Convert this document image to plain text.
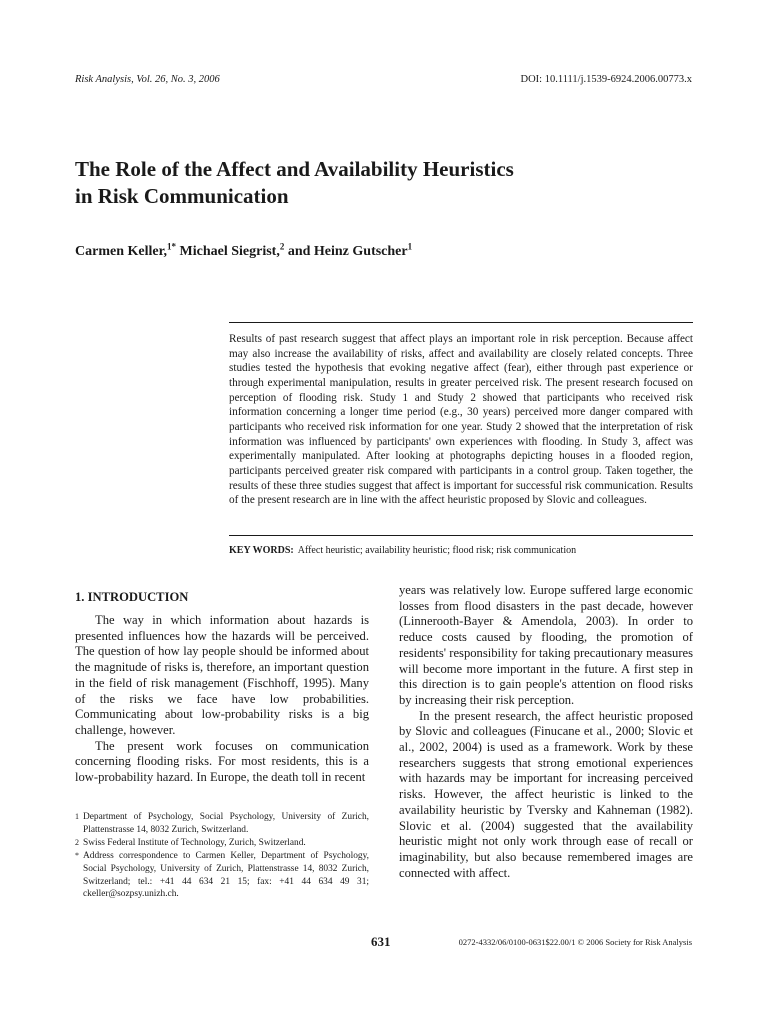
Risk Analysis, Vol. 26, No. 3, 2006	DOI: 10.1111/j.1539-6924.2006.00773.x
The Role of the Affect and Availability Heuristics
in Risk Communication
Carmen Keller,$^{1*}$ Michael Siegrist,$^2$ and Heinz Gutscher$^1$

Results of past research suggest that affect plays an important role in risk perception. Because affect may also increase the availability of risks, affect and availability are closely related concepts. Three studies tested the hypothesis that evoking negative affect (fear), either through past experience or through experimental manipulation, results in greater perceived risk. The present research focused on perception of flooding risk. Study 1 and Study 2 showed that participants who received risk information concerning a longer time period (e.g., 30 years) perceived more danger compared with participants who received risk information for one year. Study 2 showed that the interpretation of risk information was influenced by participants' own experiences with flooding. In Study 3, affect was experimentally manipulated. After looking at photographs depicting houses in a flooded region, participants perceived greater risk compared with participants in a control group. Taken together, the results of these three studies suggest that affect is important for successful risk communication. Results of the present research are in line with the affect heuristic proposed by Slovic and colleagues.

KEY WORDS: Affect heuristic; availability heuristic; flood risk; risk communication
1. INTRODUCTION

The way in which information about hazards is presented influences how the hazards will be perceived. The question of how lay people should be informed about the magnitude of risks is, therefore, an important question in the field of risk management (Fischhoff, 1995). Many of the risks we face have low probabilities. Communicating about low-probability risks is a big challenge, however.

The present work focuses on communication concerning flooding risks. For most residents, this is a low-probability hazard. In Europe, the death toll in recent

years was relatively low. Europe suffered large economic losses from flood disasters in the past decade, however (Linnerooth-Bayer & Amendola, 2003). In order to reduce costs caused by flooding, the promotion of residents' responsibility for taking precautionary measures will become more important in the future. A first step in this direction is to gain people's attention on flood risks by increasing their risk perception.

In the present research, the affect heuristic proposed by Slovic and colleagues (Finucane et al., 2000; Slovic et al., 2002, 2004) is used as a framework. Work by these researchers suggests that strong emotional experiences with hazards may be important for increasing perceived risks. However, the affect heuristic is linked to the availability heuristic by Tversky and Kahneman (1982). Slovic et al. (2004) suggested that the availability heuristic might not only work through ease of recall or imaginability, but also because remembered images are connected with affect.

1 Department of Psychology, Social Psychology, University of Zurich, Plattenstrasse 14, 8032 Zurich, Switzerland.
2 Swiss Federal Institute of Technology, Zurich, Switzerland.
* Address correspondence to Carmen Keller, Department of Psychology, Social Psychology, University of Zurich, Plattenstrasse 14, 8032 Zurich, Switzerland; tel.: +41 44 634 21 15; fax: +41 44 634 49 31; ckeller@sozpsy.unizh.ch.
631	0272-4332/06/0100-0631$22.00/1 © 2006 Society for Risk Analysis
